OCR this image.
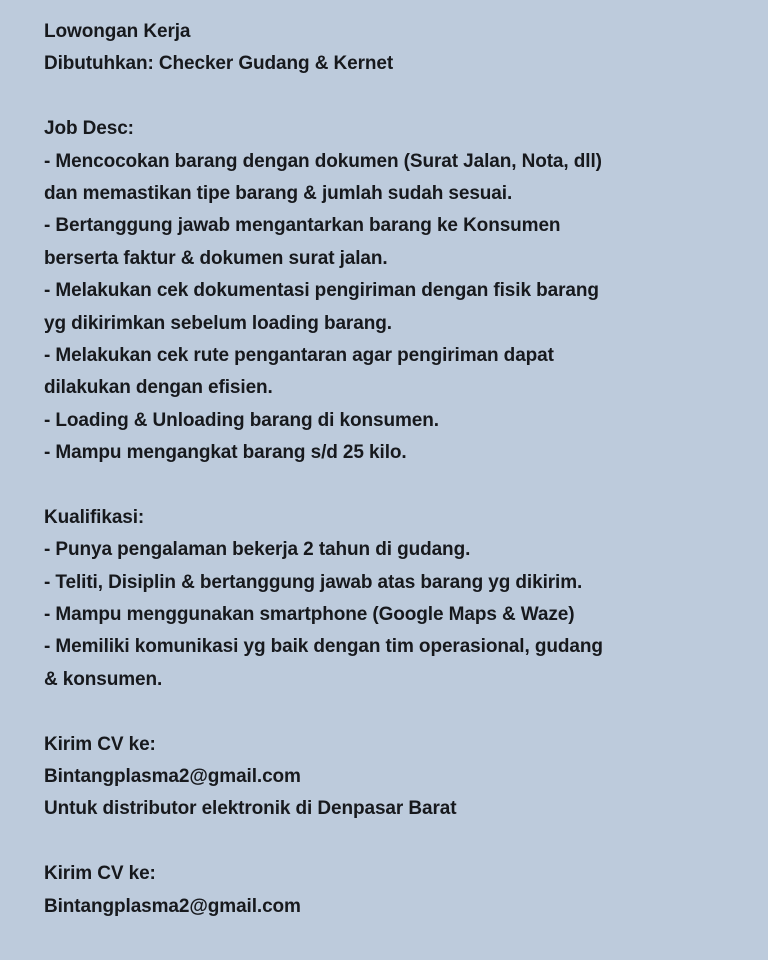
Lowongan Kerja
Dibutuhkan: Checker Gudang & Kernet
Job Desc:
- Mencocokan barang dengan dokumen (Surat Jalan, Nota, dll)
dan memastikan tipe barang & jumlah sudah sesuai.
- Bertanggung jawab mengantarkan barang ke Konsumen
berserta faktur & dokumen surat jalan.
- Melakukan cek dokumentasi pengiriman dengan fisik barang
yg dikirimkan sebelum loading barang.
- Melakukan cek rute pengantaran agar pengiriman dapat
dilakukan dengan efisien.
- Loading & Unloading barang di konsumen.
- Mampu mengangkat barang s/d 25 kilo.
Kualifikasi:
- Punya pengalaman bekerja 2 tahun di gudang.
- Teliti, Disiplin & bertanggung jawab atas barang yg dikirim.
- Mampu menggunakan smartphone (Google Maps & Waze)
- Memiliki komunikasi yg baik dengan tim operasional, gudang
& konsumen.
Kirim CV ke:
Bintangplasma2@gmail.com
Untuk distributor elektronik di Denpasar Barat
Kirim CV ke:
Bintangplasma2@gmail.com
